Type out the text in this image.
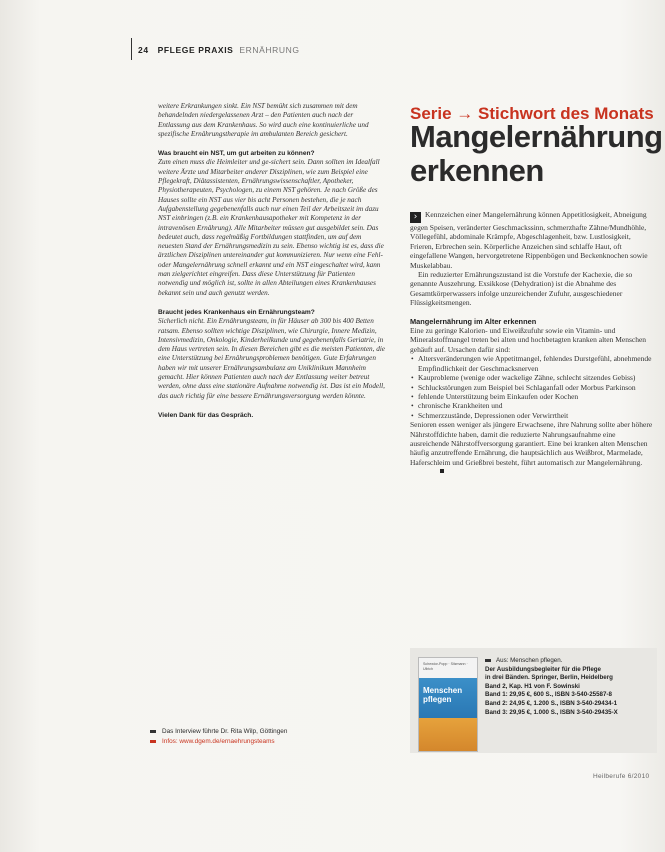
24 PFLEGE PRAXIS ERNÄHRUNG

weitere Erkrankungen sinkt. Ein NST bemüht sich zusammen mit dem behandelnden niedergelassenen Arzt – den Patienten auch nach der Entlassung aus dem Krankenhaus. So wird auch eine kontinuierliche und spezifische Ernährungstherapie im ambulanten Bereich gesichert.

Was braucht ein NST, um gut arbeiten zu können?

Zum einen muss die Heimleiter und ge-sichert sein. Dann sollten im Idealfall weitere Ärzte und Mitarbeiter anderer Disziplinen, wie zum Beispiel eine Pflegekraft, Diätassistenten, Ernährungswissenschaftler, Apotheker, Physiotherapeuten, Psychologen, zu einem NST gehören. Je nach Größe des Hauses sollte ein NST aus vier bis acht Personen bestehen, die je nach Aufgabenstellung gegebenenfalls auch nur einen Teil der Arbeitszeit im dazu NST einbringen (z.B. ein Krankenhausapotheker mit Kompetenz in der intravenösen Ernährung). Alle Mitarbeiter müssen gut ausgebildet sein. Das bedeutet auch, dass regelmäßig Fortbildungen stattfinden, um auf dem neuesten Stand der Ernährungsmedizin zu sein. Ebenso wichtig ist es, dass die ärztlichen Disziplinen untereinander gut kommunizieren. Nur wenn eine Fehl- oder Mangelernährung schnell erkannt und ein NST eingeschaltet wird, kann man zielgerichtet eingreifen. Dass diese Unterstützung für Patienten notwendig und möglich ist, sollte in allen Abteilungen eines Krankenhauses bekannt sein und auch genutzt werden.

Braucht jedes Krankenhaus ein Ernährungsteam?

Sicherlich nicht. Ein Ernährungsteam, in für Häuser ab 300 bis 400 Betten ratsam. Ebenso sollten wichtige Disziplinen, wie Chirurgie, Innere Medizin, Intensivmedizin, Onkologie, Kinderheilkunde und gegebenenfalls Geriatrie, in dem Haus vertreten sein. In diesen Bereichen gibt es die meisten Patienten, die eine Unterstützung bei Ernährungsproblemen benötigen. Gute Erfahrungen haben wir mit unserer Ernährungsambulanz am Uniklinikum Mannheim gemacht. Hier können Patienten auch nach der Entlassung weiter betreut werden, ohne dass eine stationäre Aufnahme notwendig ist. Das ist ein Modell, das auch richtig für eine bessere Ernährungsversorgung werden könnte.

Vielen Dank für das Gespräch.
Das Interview führte Dr. Rita Wilp, Göttingen
Infos: www.dgem.de/ernaehrungsteams
Serie → Stichwort des Monats
Mangelernährung
erkennen

› Kennzeichen einer Mangelernährung können Appetitlosigkeit, Abneigung gegen Speisen, veränderter Geschmackssinn, schmerzhafte Zähne/Mundhöhle, Völlegefühl, abdominale Krämpfe, Abgeschlagenheit, bzw. Lustlosigkeit, Frieren, Erbrechen sein. Körperliche Anzeichen sind schlaffe Haut, oft eingefallene Wangen, hervorgetretene Rippenbögen und Beckenknochen sowie Muskelabbau.

Ein reduzierter Ernährungszustand ist die Vorstufe der Kachexie, die so genannte Auszehrung. Exsikkose (Dehydration) ist die Abnahme des Gesamtkörperwassers infolge unzureichender Zufuhr, ausgeschiedener Flüssigkeitsmengen.

Mangelernährung im Alter erkennen

Eine zu geringe Kalorien- und Eiweißzufuhr sowie ein Vitamin- und Mineralstoffmangel treten bei alten und hochbetagten kranken alten Menschen gehäuft auf. Ursachen dafür sind:

• Altersveränderungen wie Appetitmangel, fehlendes Durstgefühl, abnehmende Empfindlichkeit der Geschmacksnerven
• Kauprobleme (wenige oder wackelige Zähne, schlecht sitzendes Gebiss)
• Schluckstörungen zum Beispiel bei Schlaganfall oder Morbus Parkinson
• fehlende Unterstützung beim Einkaufen oder Kochen
• chronische Krankheiten und
• Schmerzzustände, Depressionen oder Verwirrtheit

Senioren essen weniger als jüngere Erwachsene, ihre Nahrung sollte aber höhere Nährstoffdichte haben, damit die reduzierte Nahrungsaufnahme eine ausreichende Nährstoffversorgung garantiert. Eine bei kranken alten Menschen häufig anzutreffende Ernährung, die hauptsächlich aus Weißbrot, Marmelade, Haferschleim und Grießbrei besteht, führt automatisch zur Mangelernährung.

Schewior-Popp · Sitzmann · Ullrich
Menschen pflegen
Aus: Menschen pflegen.
Der Ausbildungsbegleiter für die Pflege
in drei Bänden. Springer, Berlin, Heidelberg
Band 2, Kap. H1 von F. Sowinski
Band 1: 29,95 €, 600 S., ISBN 3-540-25587-8
Band 2: 24,95 €, 1.200 S., ISBN 3-540-29434-1
Band 3: 29,95 €, 1.000 S., ISBN 3-540-29435-X
Heilberufe 6/2010
